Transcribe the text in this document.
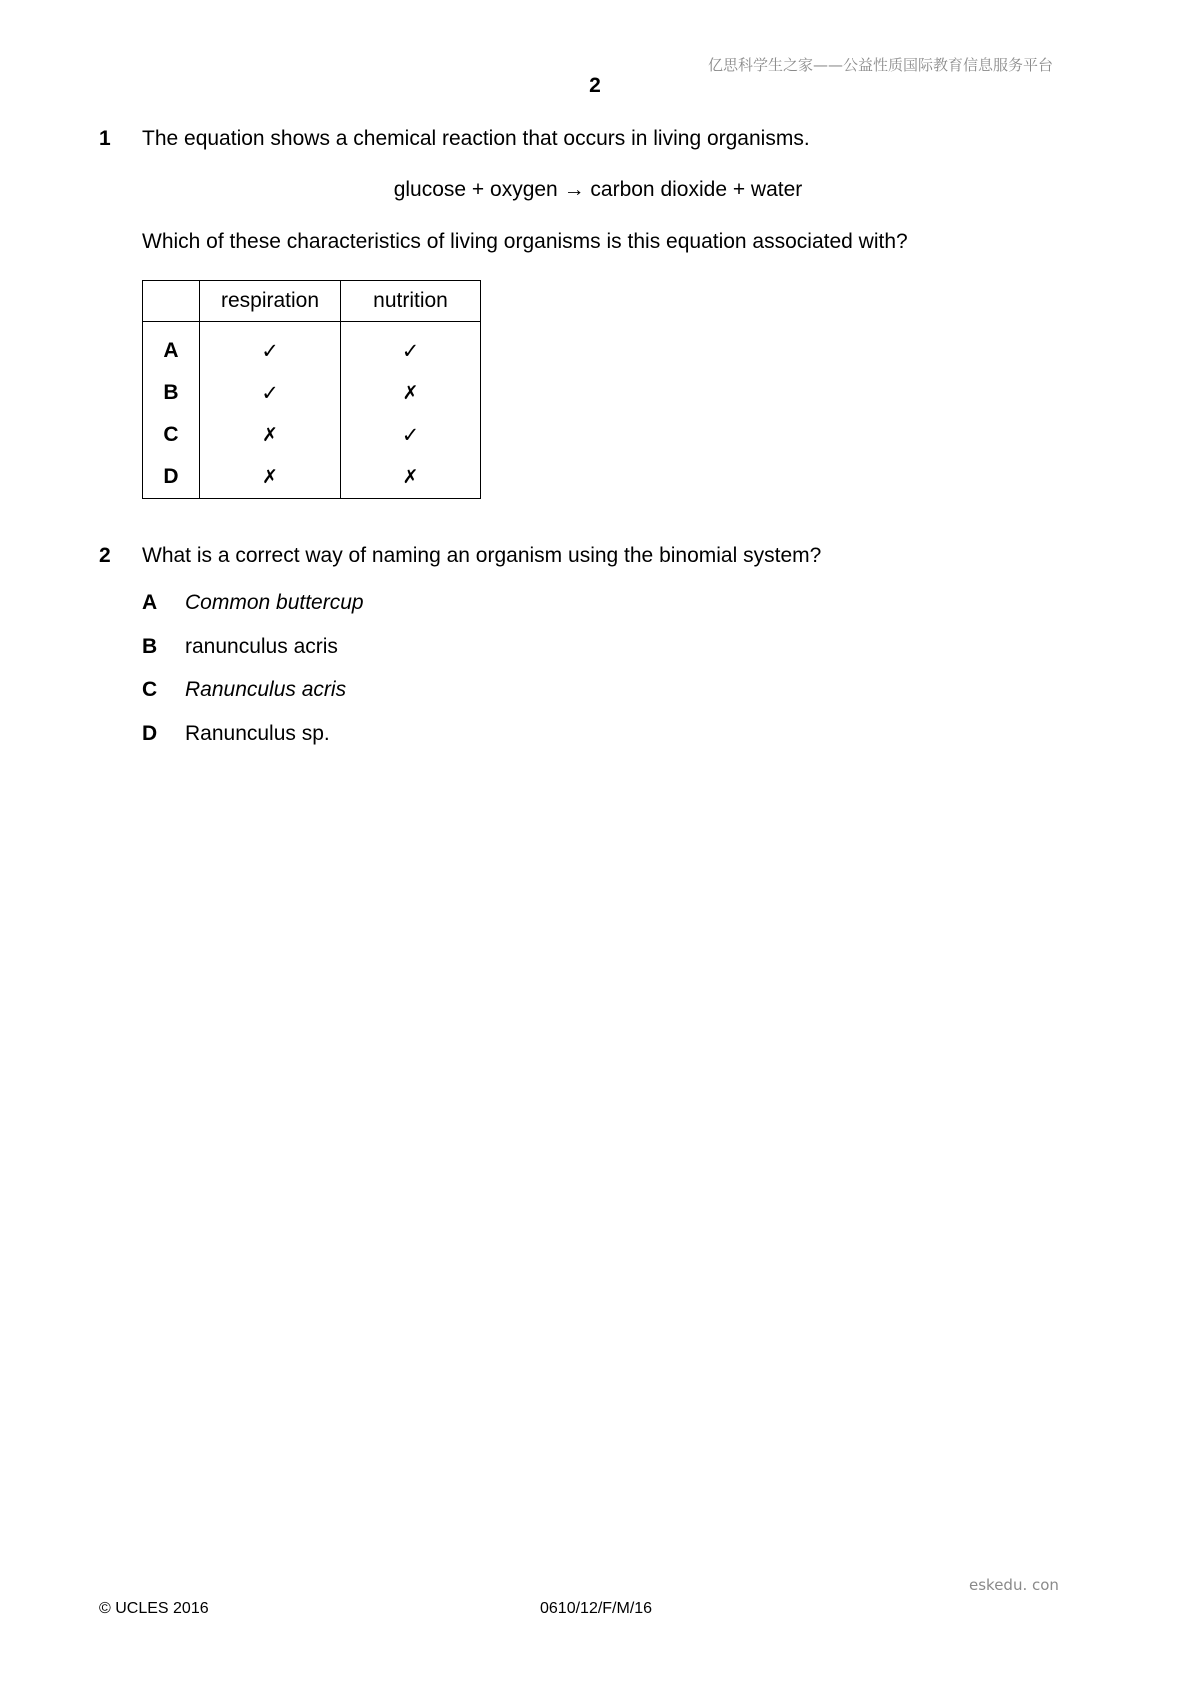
亿思科学生之家——公益性质国际教育信息服务平台
2
1 The equation shows a chemical reaction that occurs in living organisms.
glucose + oxygen → carbon dioxide + water
Which of these characteristics of living organisms is this equation associated with?
	respiration	nutrition
A	✓	✓
B	✓	✗
C	✗	✓
D	✗	✗
2 What is a correct way of naming an organism using the binomial system?
A Common buttercup
B ranunculus acris
C Ranunculus acris
D Ranunculus sp.
eskedu. con
© UCLES 2016	0610/12/F/M/16
